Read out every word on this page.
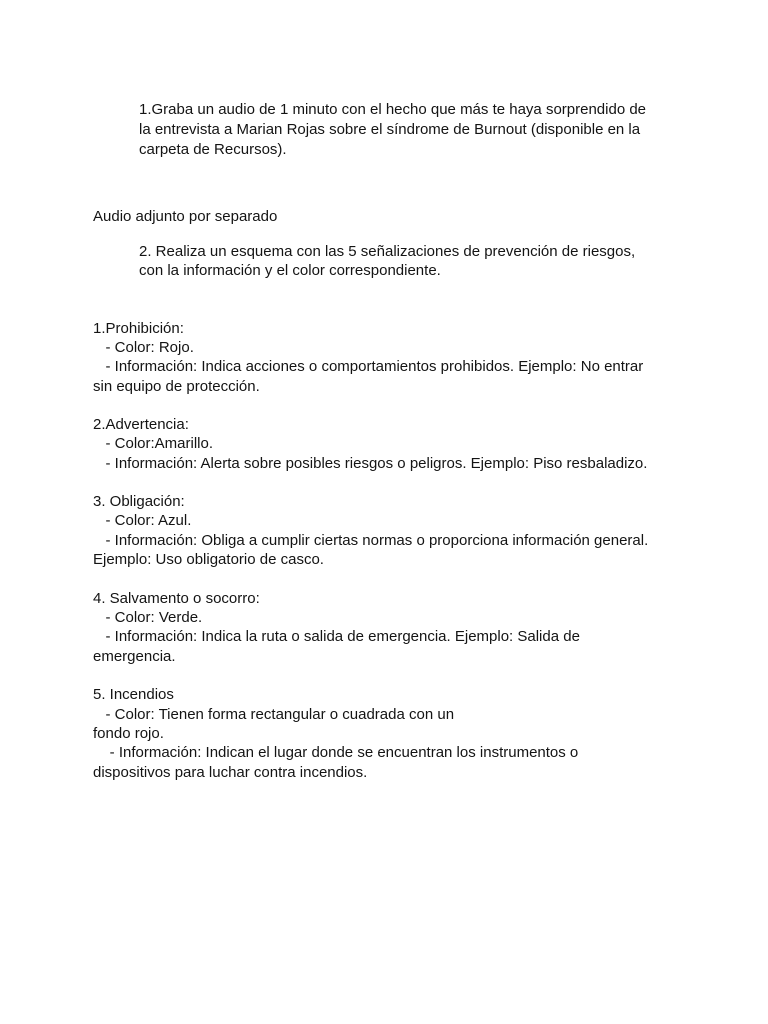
1.Graba un audio de 1 minuto con el hecho que más te haya sorprendido de

la entrevista a Marian Rojas sobre el síndrome de Burnout (disponible en la

carpeta de Recursos).

Audio adjunto por separado

2. Realiza un esquema con las 5 señalizaciones de prevención de riesgos,

con la información y el color correspondiente.

1.Prohibición:

- Color: Rojo.

- Información: Indica acciones o comportamientos prohibidos. Ejemplo: No entrar

sin equipo de protección.

2.Advertencia:

- Color:Amarillo.

- Información: Alerta sobre posibles riesgos o peligros. Ejemplo: Piso resbaladizo.

3. Obligación:

- Color: Azul.

- Información: Obliga a cumplir ciertas normas o proporciona información general.

Ejemplo: Uso obligatorio de casco.

4. Salvamento o socorro:

- Color: Verde.

- Información: Indica la ruta o salida de emergencia. Ejemplo: Salida de

emergencia.

5. Incendios

- Color: Tienen forma rectangular o cuadrada con un

fondo rojo.

- Información: Indican el lugar donde se encuentran los instrumentos o

dispositivos para luchar contra incendios.
